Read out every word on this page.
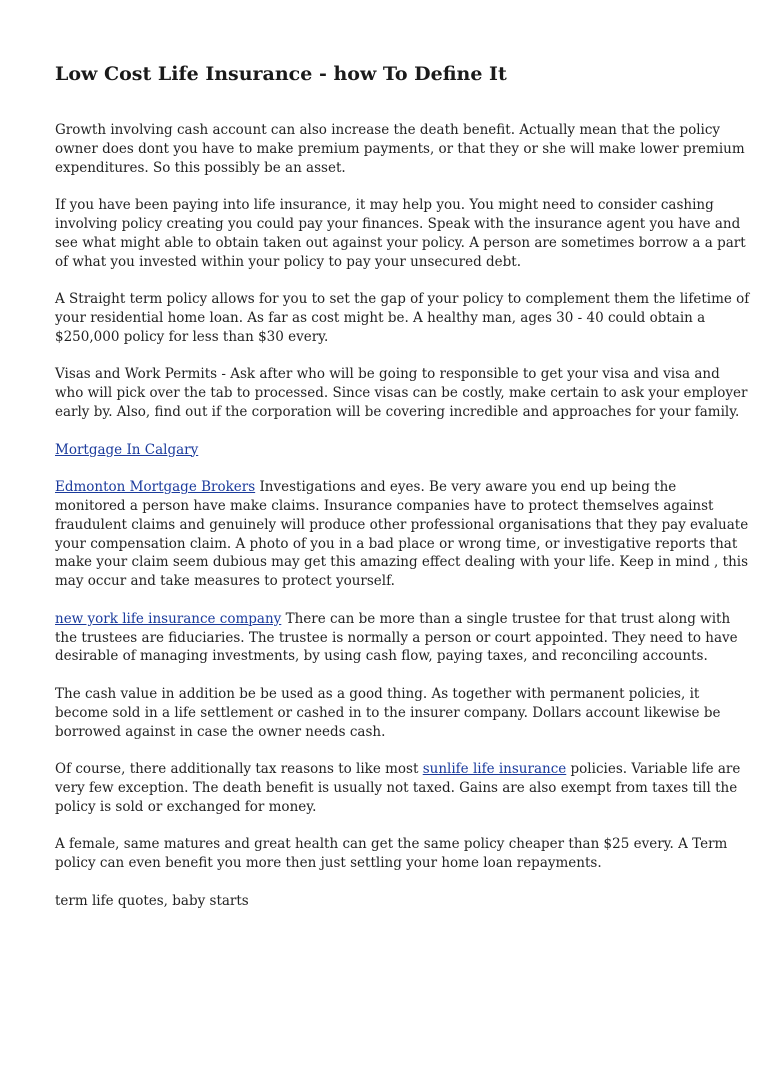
Low Cost Life Insurance - how To Define It

Growth involving cash account can also increase the death benefit. Actually mean that the policy
owner does dont you have to make premium payments, or that they or she will make lower premium
expenditures. So this possibly be an asset.

If you have been paying into life insurance, it may help you. You might need to consider cashing
involving policy creating you could pay your finances. Speak with the insurance agent you have and
see what might able to obtain taken out against your policy. A person are sometimes borrow a a part
of what you invested within your policy to pay your unsecured debt.

A Straight term policy allows for you to set the gap of your policy to complement them the lifetime of
your residential home loan. As far as cost might be. A healthy man, ages 30 - 40 could obtain a
$250,000 policy for less than $30 every.

Visas and Work Permits - Ask after who will be going to responsible to get your visa and visa and
who will pick over the tab to processed. Since visas can be costly, make certain to ask your employer
early by. Also, find out if the corporation will be covering incredible and approaches for your family.

Mortgage In Calgary

Edmonton Mortgage Brokers Investigations and eyes. Be very aware you end up being the
monitored a person have make claims. Insurance companies have to protect themselves against
fraudulent claims and genuinely will produce other professional organisations that they pay evaluate
your compensation claim. A photo of you in a bad place or wrong time, or investigative reports that
make your claim seem dubious may get this amazing effect dealing with your life. Keep in mind , this
may occur and take measures to protect yourself.

new york life insurance company There can be more than a single trustee for that trust along with
the trustees are fiduciaries. The trustee is normally a person or court appointed. They need to have
desirable of managing investments, by using cash flow, paying taxes, and reconciling accounts.

The cash value in addition be be used as a good thing. As together with permanent policies, it
become sold in a life settlement or cashed in to the insurer company. Dollars account likewise be
borrowed against in case the owner needs cash.

Of course, there additionally tax reasons to like most sunlife life insurance policies. Variable life are
very few exception. The death benefit is usually not taxed. Gains are also exempt from taxes till the
policy is sold or exchanged for money.

A female, same matures and great health can get the same policy cheaper than $25 every. A Term
policy can even benefit you more then just settling your home loan repayments.

term life quotes, baby starts
